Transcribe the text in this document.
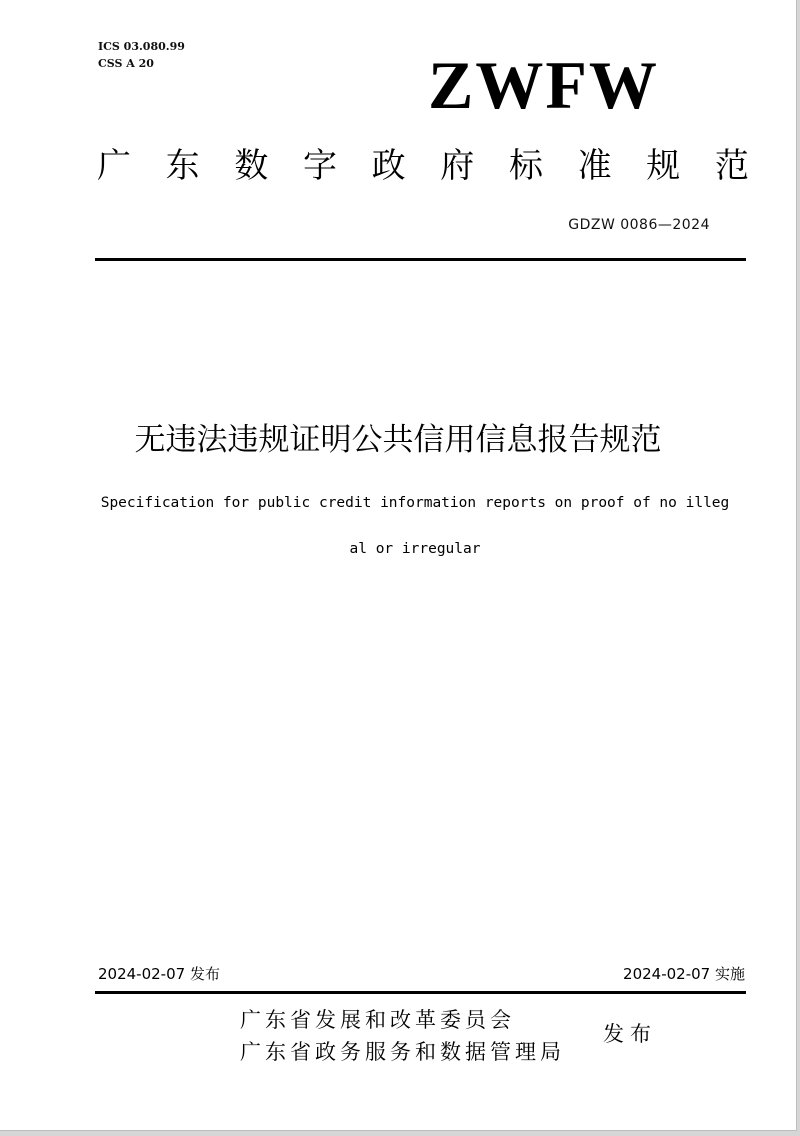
ICS 03.080.99
CSS A 20	ZWFW
广 东 数 字 政 府 标 准 规 范
GDZW 0086—2024
无违法违规证明公共信用信息报告规范
Specification for public credit information reports on proof of no illegal or irregular
2024-02-07 发布	2024-02-07 实施
广东省发展和改革委员会
广东省政务服务和数据管理局
发布
